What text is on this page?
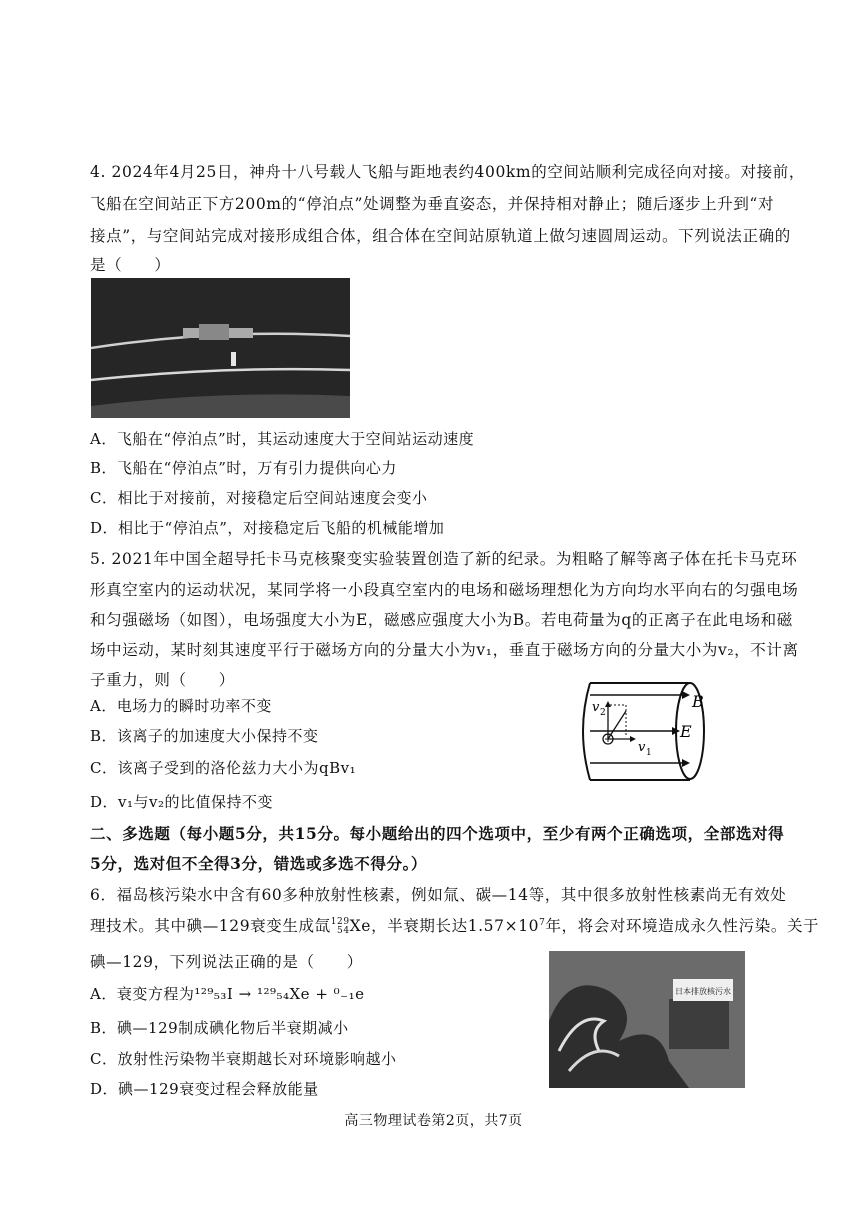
4. 2024年4月25日，神舟十八号载人飞船与距地表约400km的空间站顺利完成径向对接。对接前，
飞船在空间站正下方200m的“停泊点”处调整为垂直姿态，并保持相对静止；随后逐步上升到“对
接点”，与空间站完成对接形成组合体，组合体在空间站原轨道上做匀速圆周运动。下列说法正确的
是（　　）
A．飞船在“停泊点”时，其运动速度大于空间站运动速度
B．飞船在“停泊点”时，万有引力提供向心力
C．相比于对接前，对接稳定后空间站速度会变小
D．相比于“停泊点”，对接稳定后飞船的机械能增加
5. 2021年中国全超导托卡马克核聚变实验装置创造了新的纪录。为粗略了解等离子体在托卡马克环
形真空室内的运动状况，某同学将一小段真空室内的电场和磁场理想化为方向均水平向右的匀强电场
和匀强磁场（如图），电场强度大小为E，磁感应强度大小为B。若电荷量为q的正离子在此电场和磁
场中运动，某时刻其速度平行于磁场方向的分量大小为v₁，垂直于磁场方向的分量大小为v₂，不计离
子重力，则（　　）
A．电场力的瞬时功率不变
B．该离子的加速度大小保持不变
C．该离子受到的洛伦兹力大小为qBv₁
D．v₁与v₂的比值保持不变
B
E
v 2
v 1
二、多选题（每小题5分，共15分。每小题给出的四个选项中，至少有两个正确选项，全部选对得
5分，选对但不全得3分，错选或多选不得分。）
6．福岛核污染水中含有60多种放射性核素，例如氚、碳—14等，其中很多放射性核素尚无有效处
理技术。其中碘—129衰变生成氙129
54Xe，半衰期长达$1.57\times 10^7$年，将会对环境造成永久性污染。关于
碘—129，下列说法正确的是（　　）
A．衰变方程为¹²⁹₅₃I → ¹²⁹₅₄Xe + ⁰₋₁e
B．碘—129制成碘化物后半衰期减小
C．放射性污染物半衰期越长对环境影响越小
D．碘—129衰变过程会释放能量
日本排放核污水
高三物理试卷第2页，共7页
